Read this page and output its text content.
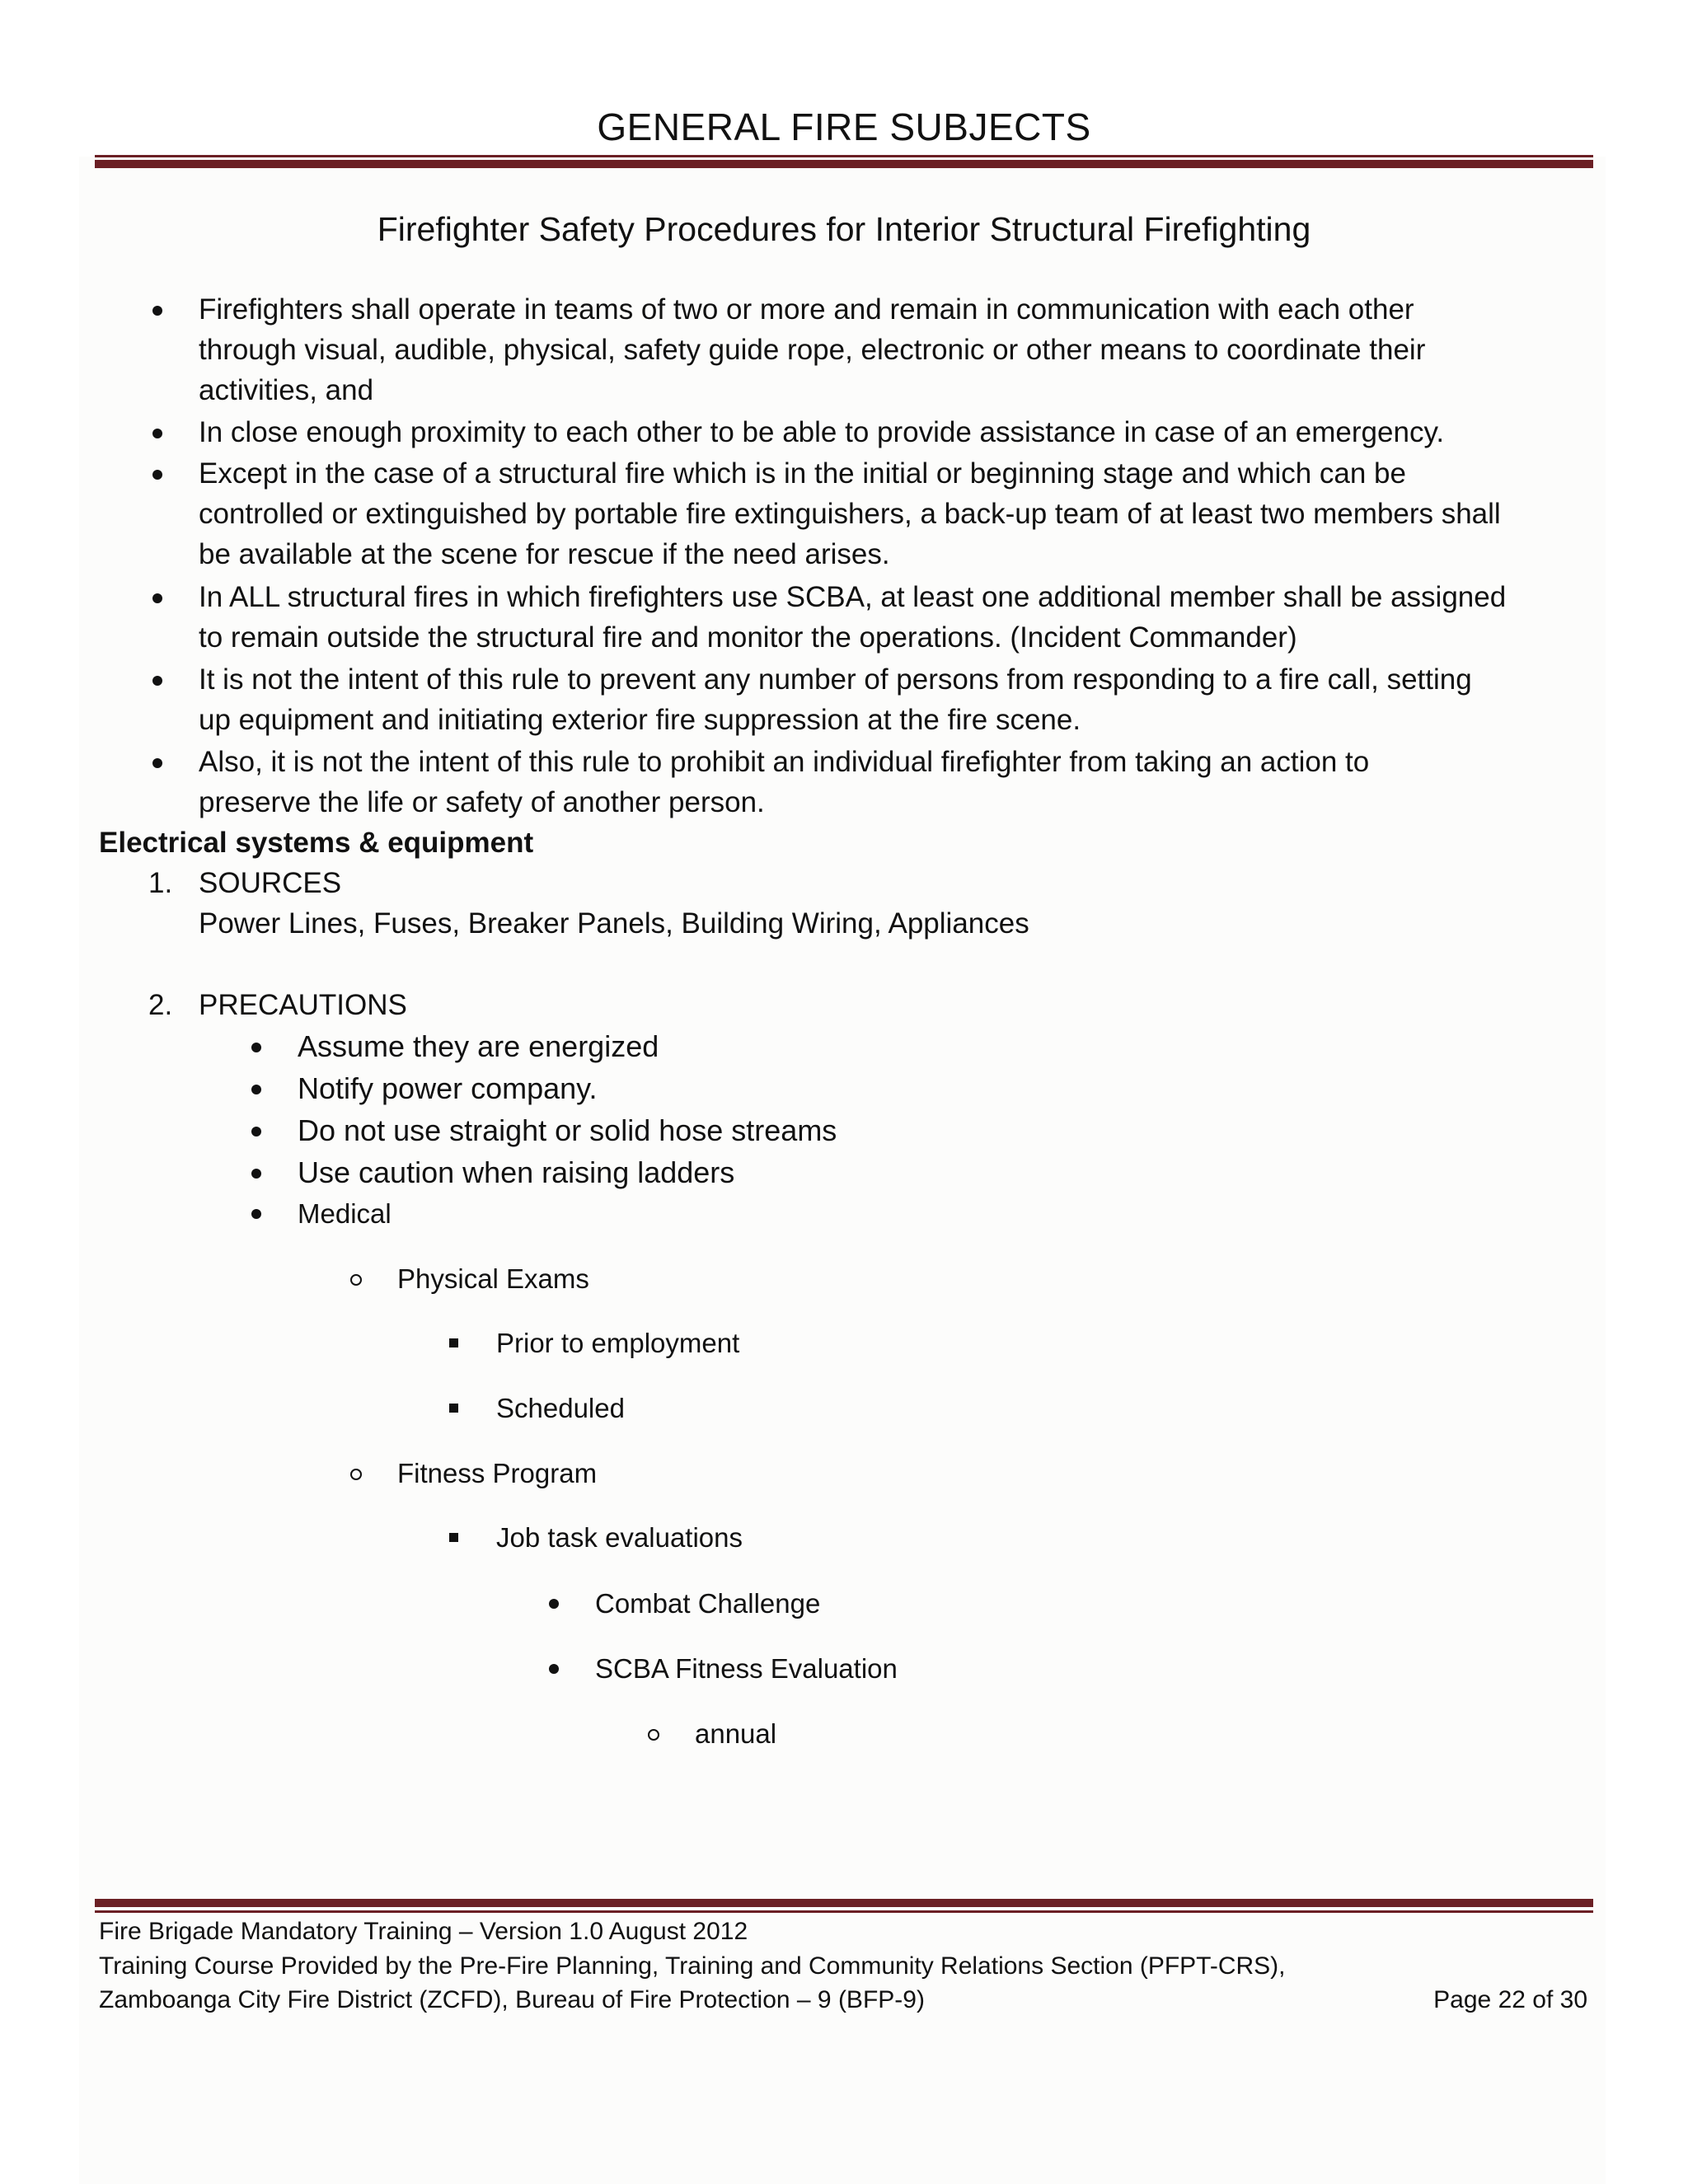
GENERAL FIRE SUBJECTS
Firefighter Safety Procedures for Interior Structural Firefighting
Firefighters shall operate in teams of two or more and remain in communication with each other
through visual, audible, physical, safety guide rope, electronic or other means to coordinate their
activities, and
In close enough proximity to each other to be able to provide assistance in case of an emergency.
Except in the case of a structural fire which is in the initial or beginning stage and which can be
controlled or extinguished by portable fire extinguishers, a back-up team of at least two members shall
be available at the scene for rescue if the need arises.
In ALL structural fires in which firefighters use SCBA, at least one additional member shall be assigned
to remain outside the structural fire and monitor the operations. (Incident Commander)
It is not the intent of this rule to prevent any number of persons from responding to a fire call, setting
up equipment and initiating exterior fire suppression at the fire scene.
Also, it is not the intent of this rule to prohibit an individual firefighter from taking an action to
preserve the life or safety of another person.
Electrical systems & equipment
1. SOURCES
Power Lines, Fuses, Breaker Panels, Building Wiring, Appliances
2. PRECAUTIONS
Assume they are energized
Notify power company.
Do not use straight or solid hose streams
Use caution when raising ladders
Medical
Physical Exams
Prior to employment
Scheduled
Fitness Program
Job task evaluations
Combat Challenge
SCBA Fitness Evaluation
annual
Fire Brigade Mandatory Training – Version 1.0 August 2012
Training Course Provided by the Pre-Fire Planning, Training and Community Relations Section (PFPT-CRS),
Zamboanga City Fire District (ZCFD), Bureau of Fire Protection – 9 (BFP-9)	Page 22 of 30
